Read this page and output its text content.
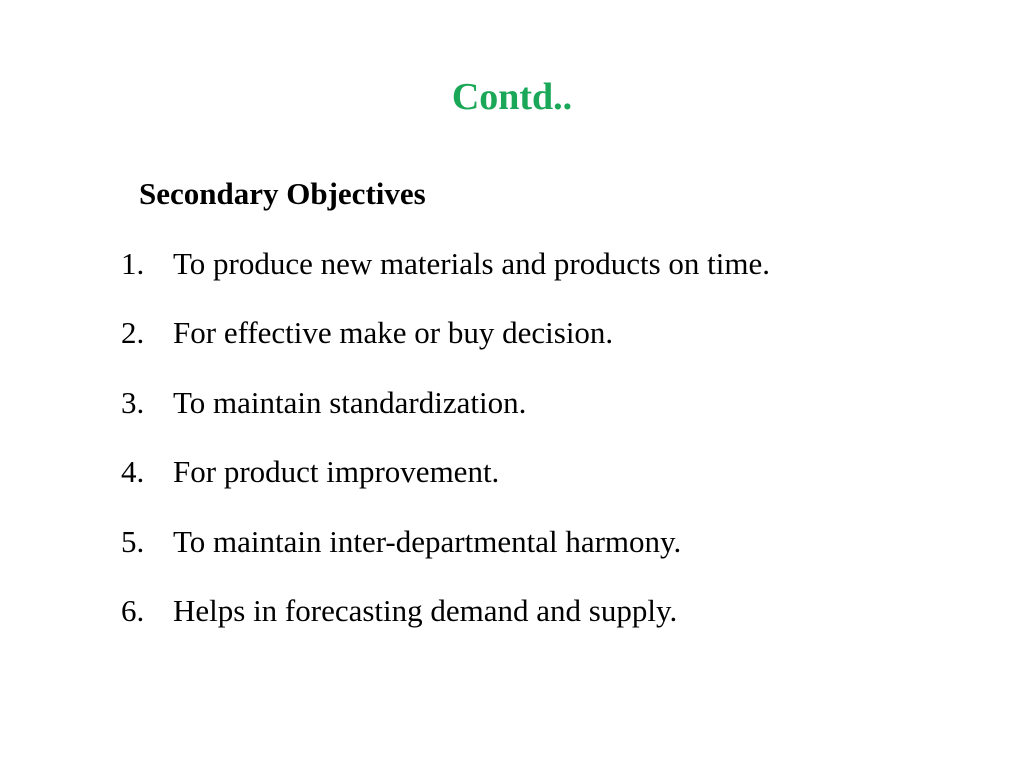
Contd..
Secondary Objectives
1. To produce new materials and products on time.
2. For effective make or buy decision.
3. To maintain standardization.
4. For product improvement.
5. To maintain inter-departmental harmony.
6. Helps in forecasting demand and supply.
